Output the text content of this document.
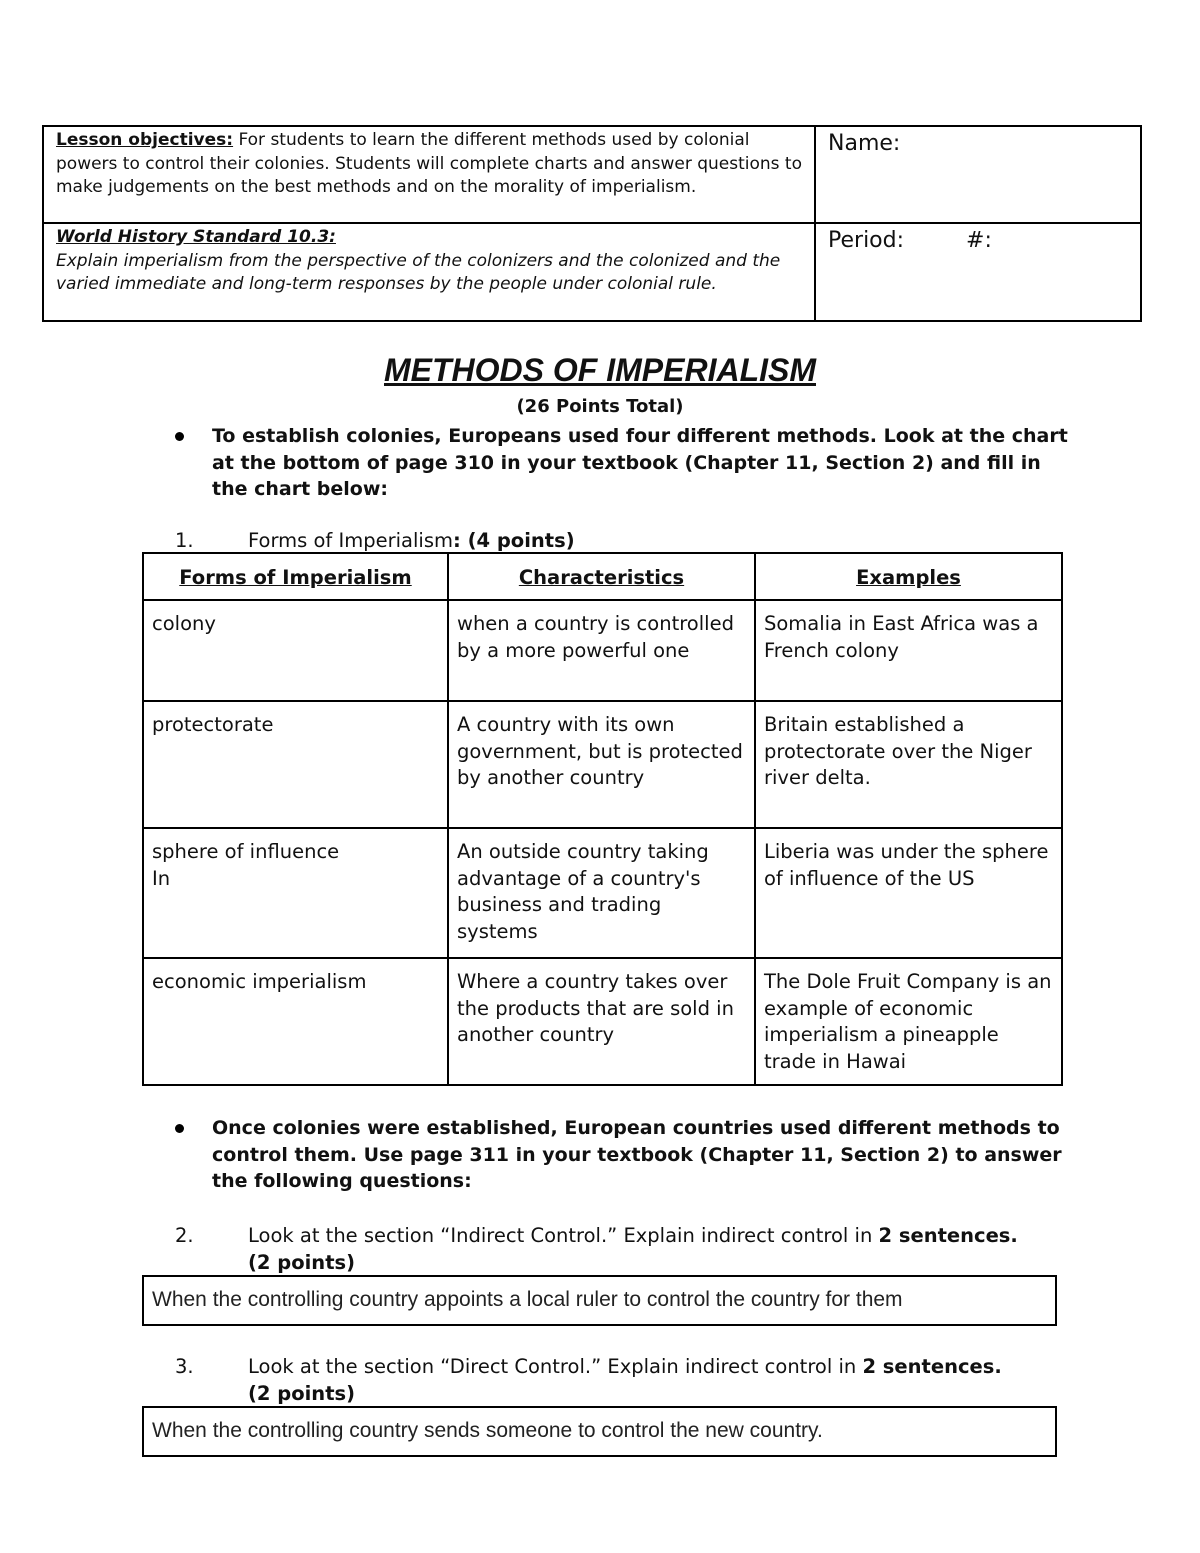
Lesson objectives: For students to learn the different methods used by colonial powers to control their colonies. Students will complete charts and answer questions to make judgements on the best methods and on the morality of imperialism.	Name:

World History Standard 10.3:
Explain imperialism from the perspective of the colonizers and the colonized and the varied immediate and long-term responses by the people under colonial rule.	Period: #:
METHODS OF IMPERIALISM
(26 Points Total)
To establish colonies, Europeans used four different methods. Look at the chart at the bottom of page 310 in your textbook (Chapter 11, Section 2) and fill in the chart below:
1.	Forms of Imperialism: (4 points)
Forms of Imperialism	Characteristics	Examples
colony	when a country is controlled by a more powerful one	Somalia in East Africa was a French colony
protectorate	A country with its own government, but is protected by another country	Britain established a protectorate over the Niger river delta.
sphere of influence
In	An outside country taking advantage of a country's business and trading systems	Liberia was under the sphere of influence of the US
economic imperialism	Where a country takes over the products that are sold in another country	The Dole Fruit Company is an example of economic imperialism a pineapple trade in Hawai
Once colonies were established, European countries used different methods to control them. Use page 311 in your textbook (Chapter 11, Section 2) to answer the following questions:
2.	Look at the section “Indirect Control.” Explain indirect control in 2 sentences.
(2 points)
When the controlling country appoints a local ruler to control the country for them
3.	Look at the section “Direct Control.” Explain indirect control in 2 sentences.
(2 points)
When the controlling country sends someone to control the new country.
